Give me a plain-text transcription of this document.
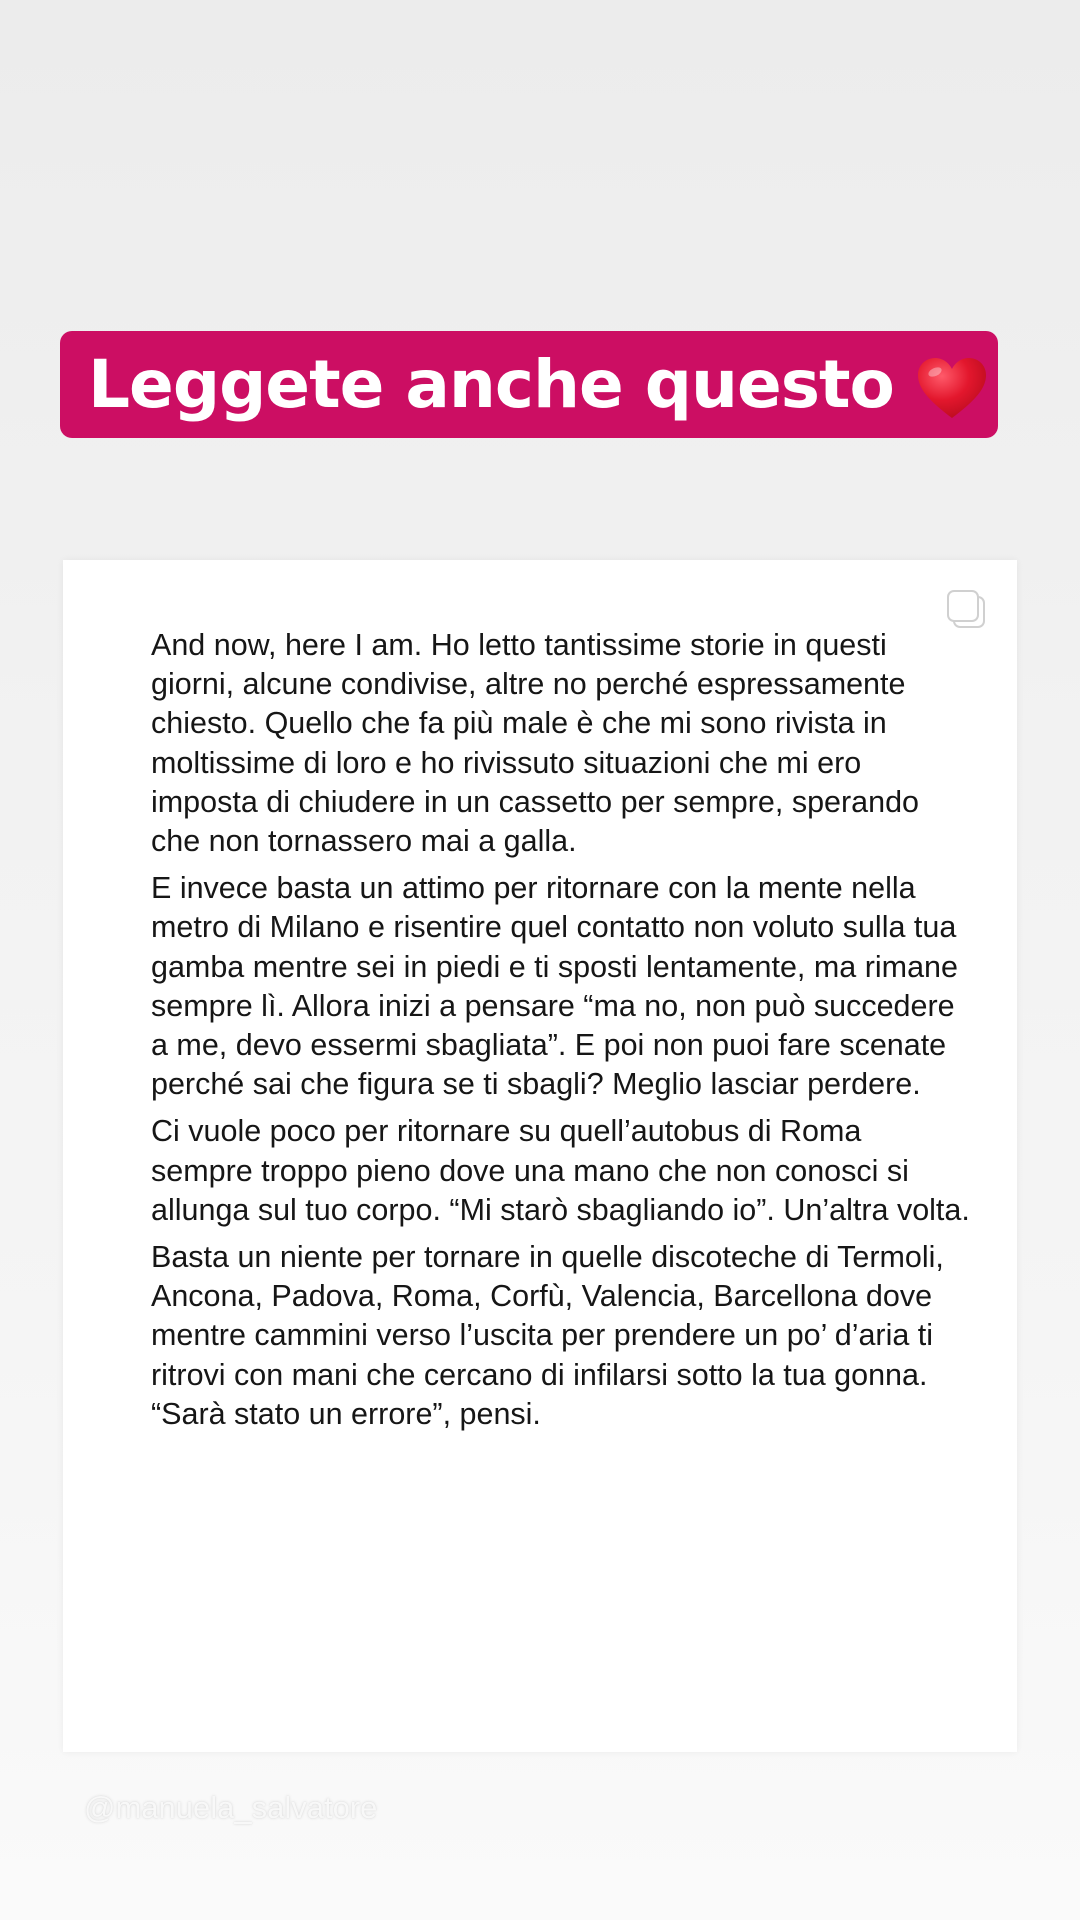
Leggete anche questo

And now, here I am. Ho letto tantissime storie in questi giorni, alcune condivise, altre no perché espressamente chiesto. Quello che fa più male è che mi sono rivista in moltissime di loro e ho rivissuto situazioni che mi ero imposta di chiudere in un cassetto per sempre, sperando che non tornassero mai a galla.

E invece basta un attimo per ritornare con la mente nella metro di Milano e risentire quel contatto non voluto sulla tua gamba mentre sei in piedi e ti sposti lentamente, ma rimane sempre lì. Allora inizi a pensare “ma no, non può succedere a me, devo essermi sbagliata”. E poi non puoi fare scenate perché sai che figura se ti sbagli? Meglio lasciar perdere.

Ci vuole poco per ritornare su quell’autobus di Roma sempre troppo pieno dove una mano che non conosci si allunga sul tuo corpo. “Mi starò sbagliando io”. Un’altra volta.

Basta un niente per tornare in quelle discoteche di Termoli, Ancona, Padova, Roma, Corfù, Valencia, Barcellona dove mentre cammini verso l’uscita per prendere un po’ d’aria ti ritrovi con mani che cercano di infilarsi sotto la tua gonna. “Sarà stato un errore”, pensi.

@manuela_salvatore
